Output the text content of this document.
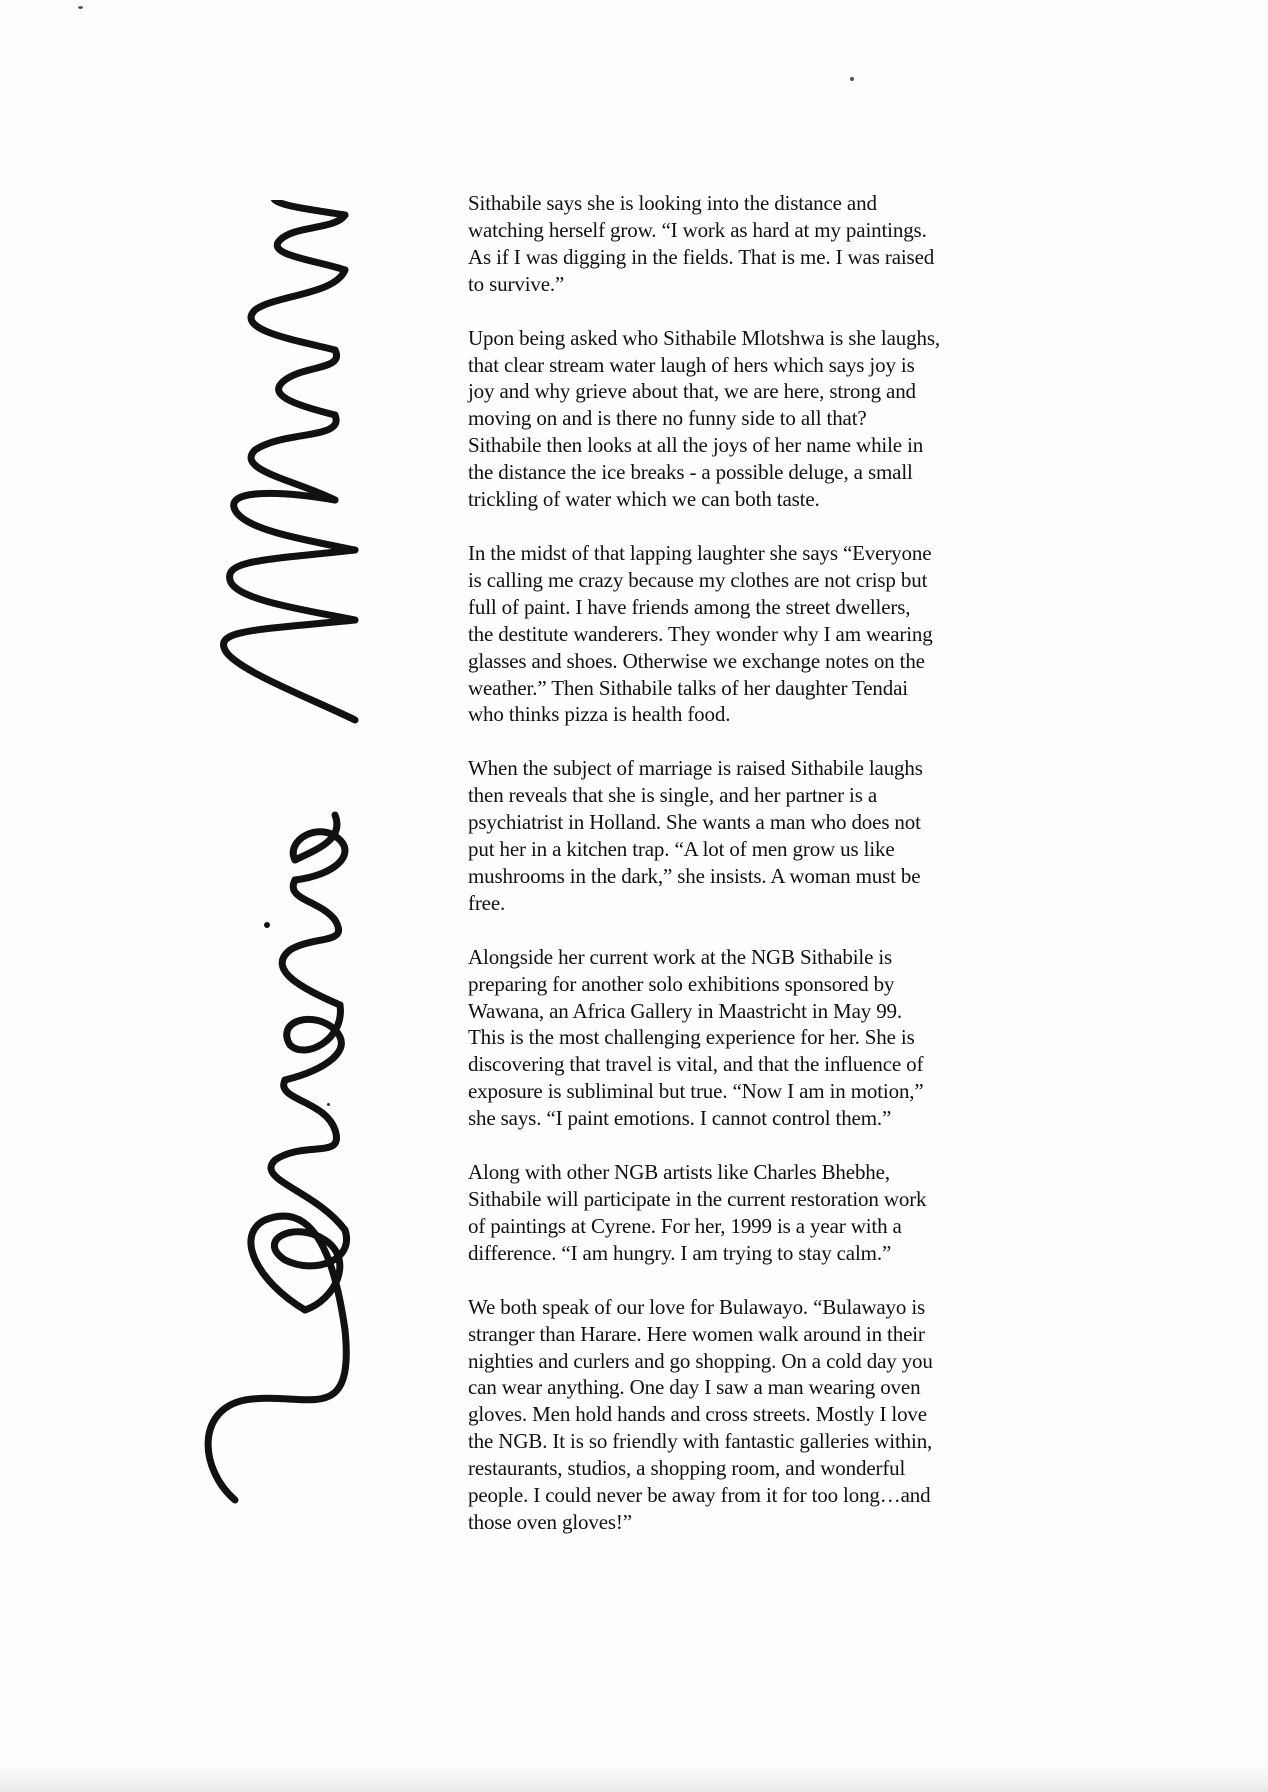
Sithabile says she is looking into the distance and
watching herself grow. “I work as hard at my paintings.
As if I was digging in the fields. That is me. I was raised
to survive.”

Upon being asked who Sithabile Mlotshwa is she laughs,
that clear stream water laugh of hers which says joy is
joy and why grieve about that, we are here, strong and
moving on and is there no funny side to all that?
Sithabile then looks at all the joys of her name while in
the distance the ice breaks - a possible deluge, a small
trickling of water which we can both taste.

In the midst of that lapping laughter she says “Everyone
is calling me crazy because my clothes are not crisp but
full of paint. I have friends among the street dwellers,
the destitute wanderers. They wonder why I am wearing
glasses and shoes. Otherwise we exchange notes on the
weather.” Then Sithabile talks of her daughter Tendai
who thinks pizza is health food.

When the subject of marriage is raised Sithabile laughs
then reveals that she is single, and her partner is a
psychiatrist in Holland. She wants a man who does not
put her in a kitchen trap. “A lot of men grow us like
mushrooms in the dark,” she insists. A woman must be
free.

Alongside her current work at the NGB Sithabile is
preparing for another solo exhibitions sponsored by
Wawana, an Africa Gallery in Maastricht in May 99.
This is the most challenging experience for her. She is
discovering that travel is vital, and that the influence of
exposure is subliminal but true. “Now I am in motion,”
she says. “I paint emotions. I cannot control them.”

Along with other NGB artists like Charles Bhebhe,
Sithabile will participate in the current restoration work
of paintings at Cyrene. For her, 1999 is a year with a
difference. “I am hungry. I am trying to stay calm.”

We both speak of our love for Bulawayo. “Bulawayo is
stranger than Harare. Here women walk around in their
nighties and curlers and go shopping. On a cold day you
can wear anything. One day I saw a man wearing oven
gloves. Men hold hands and cross streets. Mostly I love
the NGB. It is so friendly with fantastic galleries within,
restaurants, studios, a shopping room, and wonderful
people. I could never be away from it for too long…and
those oven gloves!”
